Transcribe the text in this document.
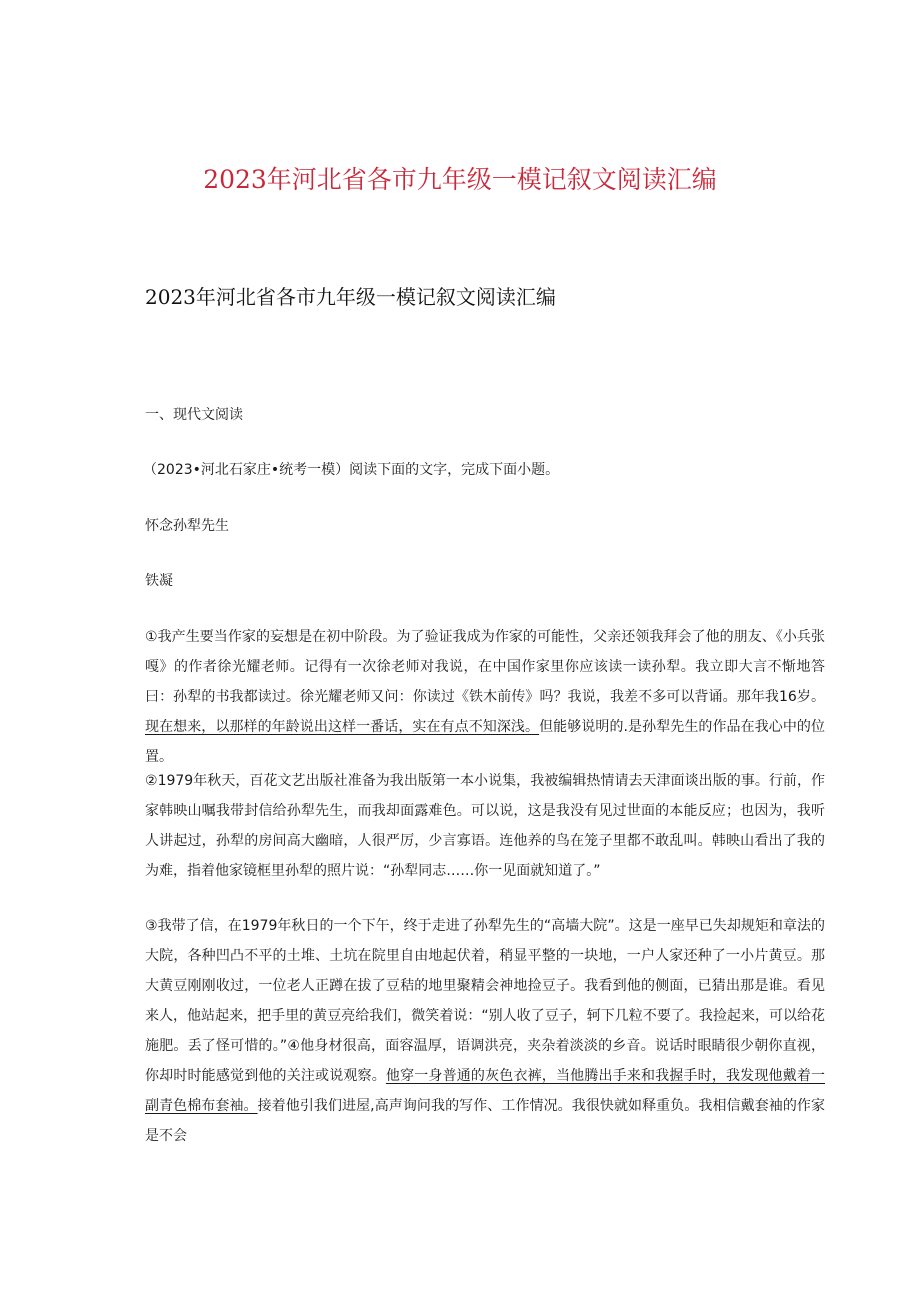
2023年河北省各市九年级一模记叙文阅读汇编
2023年河北省各市九年级一模记叙文阅读汇编

一、现代文阅读

（2023•河北石家庄•统考一模）阅读下面的文字，完成下面小题。

怀念孙犁先生

铁凝

①我产生要当作家的妄想是在初中阶段。为了验证我成为作家的可能性，父亲还领我拜会了他的朋友、《小兵张嘎》的作者徐光耀老师。记得有一次徐老师对我说，在中国作家里你应该读一读孙犁。我立即大言不惭地答曰：孙犁的书我都读过。徐光耀老师又问：你读过《铁木前传》吗？我说，我差不多可以背诵。那年我16岁。现在想来，以那样的年龄说出这样一番话，实在有点不知深浅。但能够说明的.是孙犁先生的作品在我心中的位置。

②1979年秋天，百花文艺出版社准备为我出版第一本小说集，我被编辑热情请去天津面谈出版的事。行前，作家韩映山嘱我带封信给孙犁先生，而我却面露难色。可以说，这是我没有见过世面的本能反应；也因为，我听人讲起过，孙犁的房间高大幽暗，人很严厉，少言寡语。连他养的鸟在笼子里都不敢乱叫。韩映山看出了我的为难，指着他家镜框里孙犁的照片说：“孙犁同志……你一见面就知道了。”

③我带了信，在1979年秋日的一个下午，终于走进了孙犁先生的“高墙大院”。这是一座早已失却规矩和章法的大院，各种凹凸不平的土堆、土坑在院里自由地起伏着，稍显平整的一块地，一户人家还种了一小片黄豆。那大黄豆刚刚收过，一位老人正蹲在拔了豆秸的地里聚精会神地捡豆子。我看到他的侧面，已猜出那是谁。看见来人，他站起来，把手里的黄豆亮给我们，微笑着说：“别人收了豆子，轲下几粒不要了。我捡起来，可以给花施肥。丢了怪可惜的。”④他身材很高，面容温厚，语调洪亮，夹杂着淡淡的乡音。说话时眼睛很少朝你直视，你却时时能感觉到他的关注或说观察。他穿一身普通的灰色衣裤，当他腾出手来和我握手时，我发现他戴着一副青色棉布套袖。接着他引我们进屋,高声询问我的写作、工作情况。我很快就如释重负。我相信戴套袖的作家是不会
